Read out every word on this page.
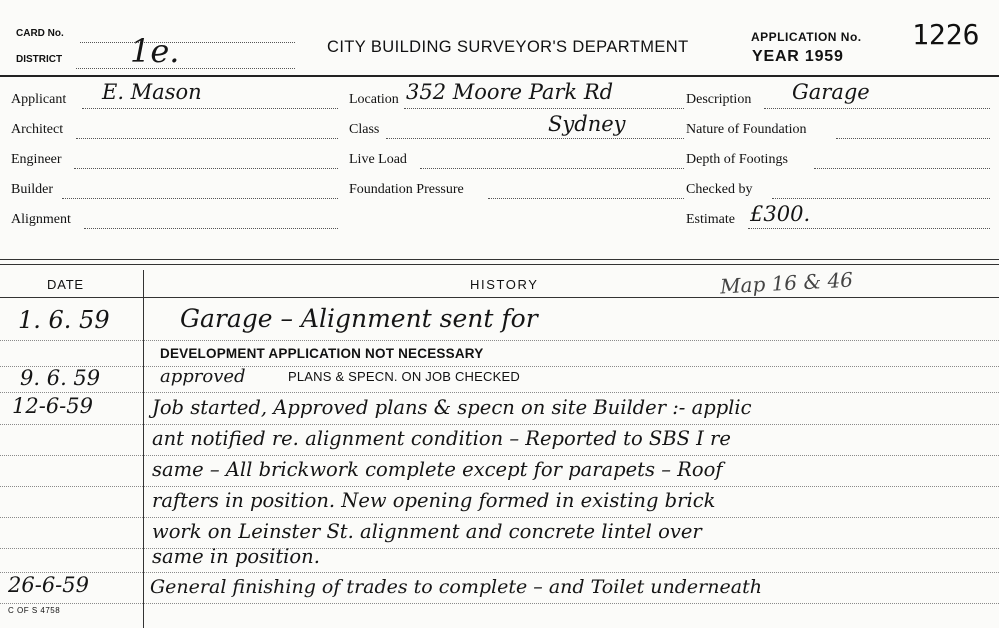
CARD No.
DISTRICT 1e.	CITY BUILDING SURVEYOR'S DEPARTMENT
APPLICATION No. 1226
YEAR 1959
Applicant E. Mason
Architect
Engineer
Builder
Alignment
Location 352 Moore Park Rd
Class	Sydney
Live Load
Foundation Pressure
Description Garage
Nature of Foundation
Depth of Footings
Checked by
Estimate £300.
DATE	HISTORY	Map 16 & 46
1. 6. 59	Garage – Alignment sent for
DEVELOPMENT APPLICATION NOT NECESSARY
9. 6. 59	approved	PLANS & SPECN. ON JOB CHECKED
12-6-59	Job started, Approved plans & specn on site Builder :- applic
ant notified re. alignment condition – Reported to SBS I re
same – All brickwork complete except for parapets – Roof
rafters in position. New opening formed in existing brick
work on Leinster St. alignment and concrete lintel over
same in position.
26-6-59	General finishing of trades to complete – and Toilet underneath
C OF S 4758
